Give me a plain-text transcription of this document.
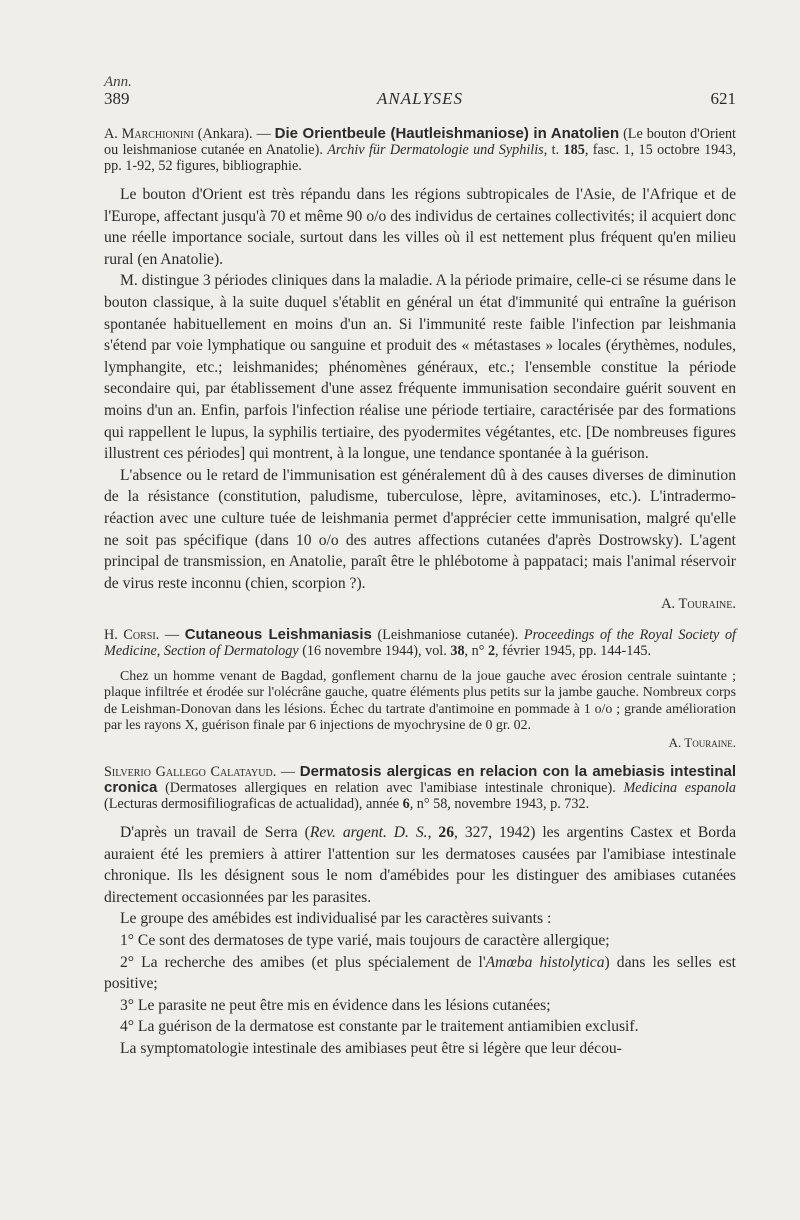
Ann.
389	ANALYSES	621

A. Marchionini (Ankara). — Die Orientbeule (Hautleishmaniose) in Anatolien (Le bouton d'Orient ou leishmaniose cutanée en Anatolie). Archiv für Dermatologie und Syphilis, t. 185, fasc. 1, 15 octobre 1943, pp. 1-92, 52 figures, bibliographie.

Le bouton d'Orient est très répandu dans les régions subtropicales de l'Asie, de l'Afrique et de l'Europe, affectant jusqu'à 70 et même 90 o/o des individus de certaines collectivités; il acquiert donc une réelle importance sociale, surtout dans les villes où il est nettement plus fréquent qu'en milieu rural (en Anatolie).

M. distingue 3 périodes cliniques dans la maladie. A la période primaire, celle-ci se résume dans le bouton classique, à la suite duquel s'établit en général un état d'immunité qui entraîne la guérison spontanée habituellement en moins d'un an. Si l'immunité reste faible l'infection par leishmania s'étend par voie lymphatique ou sanguine et produit des « métastases » locales (érythèmes, nodules, lymphangite, etc.; leishmanides; phénomènes généraux, etc.; l'ensemble constitue la période secondaire qui, par établissement d'une assez fréquente immunisation secondaire guérit souvent en moins d'un an. Enfin, parfois l'infection réalise une période tertiaire, caractérisée par des formations qui rappellent le lupus, la syphilis tertiaire, des pyodermites végétantes, etc. [De nombreuses figures illustrent ces périodes] qui montrent, à la longue, une tendance spontanée à la guérison.

L'absence ou le retard de l'immunisation est généralement dû à des causes diverses de diminution de la résistance (constitution, paludisme, tuberculose, lèpre, avitaminoses, etc.). L'intradermo-réaction avec une culture tuée de leishmania permet d'apprécier cette immunisation, malgré qu'elle ne soit pas spécifique (dans 10 o/o des autres affections cutanées d'après Dostrowsky). L'agent principal de transmission, en Anatolie, paraît être le phlébotome à pappataci; mais l'animal réservoir de virus reste inconnu (chien, scorpion ?).

A. Touraine.

H. Corsi. — Cutaneous Leishmaniasis (Leishmaniose cutanée). Proceedings of the Royal Society of Medicine, Section of Dermatology (16 novembre 1944), vol. 38, n° 2, février 1945, pp. 144-145.

Chez un homme venant de Bagdad, gonflement charnu de la joue gauche avec érosion centrale suintante ; plaque infiltrée et érodée sur l'olécrâne gauche, quatre éléments plus petits sur la jambe gauche. Nombreux corps de Leishman-Donovan dans les lésions. Échec du tartrate d'antimoine en pommade à 1 o/o ; grande amélioration par les rayons X, guérison finale par 6 injections de myochrysine de 0 gr. 02.

A. Touraine.

Silverio Gallego Calatayud. — Dermatosis alergicas en relacion con la amebiasis intestinal cronica (Dermatoses allergiques en relation avec l'amibiase intestinale chronique). Medicina espanola (Lecturas dermosifiliograficas de actualidad), année 6, n° 58, novembre 1943, p. 732.

D'après un travail de Serra (Rev. argent. D. S., 26, 327, 1942) les argentins Castex et Borda auraient été les premiers à attirer l'attention sur les dermatoses causées par l'amibiase intestinale chronique. Ils les désignent sous le nom d'amébides pour les distinguer des amibiases cutanées directement occasionnées par les parasites.

Le groupe des amébides est individualisé par les caractères suivants :

1° Ce sont des dermatoses de type varié, mais toujours de caractère allergique;

2° La recherche des amibes (et plus spécialement de l'Amœba histolytica) dans les selles est positive;

3° Le parasite ne peut être mis en évidence dans les lésions cutanées;

4° La guérison de la dermatose est constante par le traitement antiamibien exclusif.

La symptomatologie intestinale des amibiases peut être si légère que leur décou-
